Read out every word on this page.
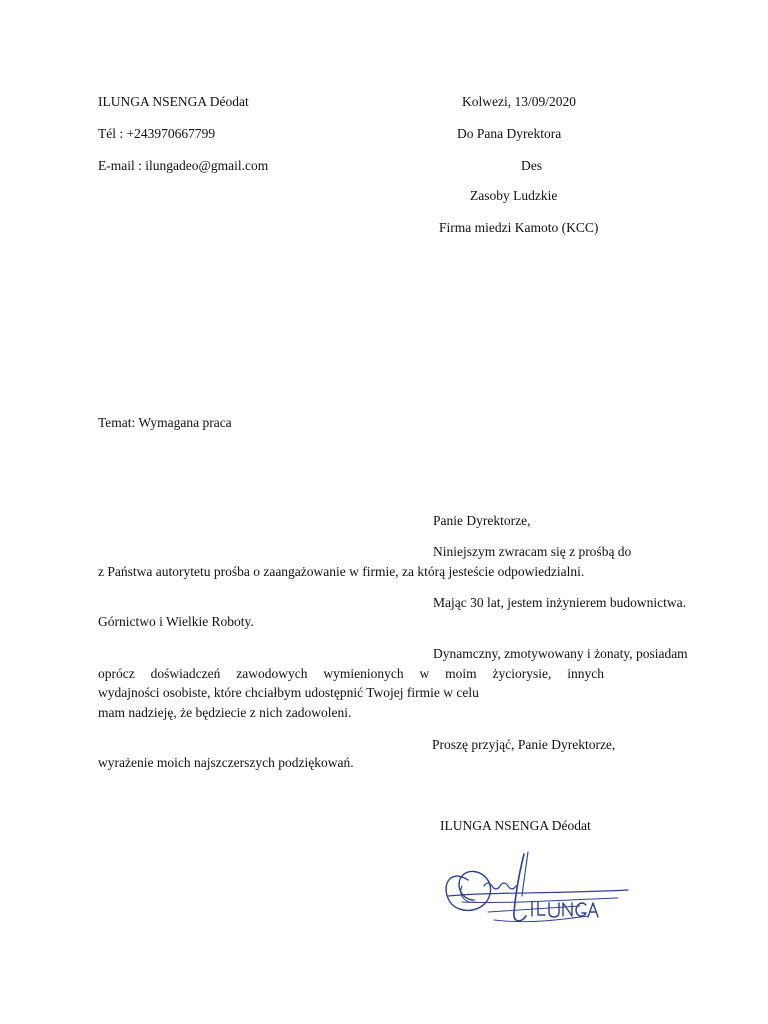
ILUNGA NSENGA Déodat
Tél : +243970667799
E-mail : ilungadeo@gmail.com
Kolwezi, 13/09/2020
Do Pana Dyrektora
Des
Zasoby Ludzkie
Firma miedzi Kamoto (KCC)
Temat: Wymagana praca
Panie Dyrektorze,
Niniejszym zwracam się z prośbą do
z Państwa autorytetu prośba o zaangażowanie w firmie, za którą jesteście odpowiedzialni.
Mając 30 lat, jestem inżynierem budownictwa.
Górnictwo i Wielkie Roboty.
Dynamczny, zmotywowany i żonaty, posiadam
oprócz doświadczeń zawodowych wymienionych w moim życiorysie, innych
wydajności osobiste, które chciałbym udostępnić Twojej firmie w celu
mam nadzieję, że będziecie z nich zadowoleni.
Proszę przyjąć, Panie Dyrektorze,
wyrażenie moich najszczerszych podziękowań.
ILUNGA NSENGA Déodat
